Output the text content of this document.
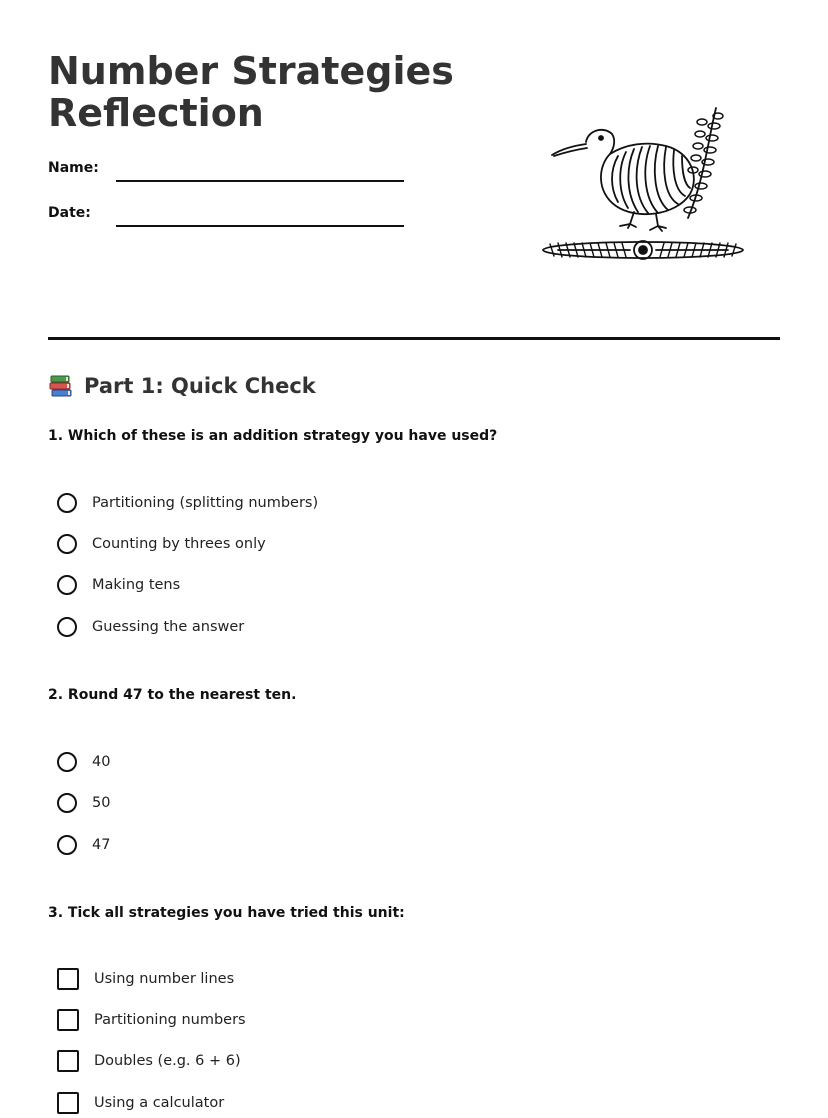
Number Strategies Reflection
Name:
Date:
Part 1: Quick Check

1. Which of these is an addition strategy you have used?

Partitioning (splitting numbers)
Counting by threes only
Making tens
Guessing the answer

2. Round 47 to the nearest ten.

40
50
47

3. Tick all strategies you have tried this unit:

Using number lines
Partitioning numbers
Doubles (e.g. 6 + 6)
Using a calculator
